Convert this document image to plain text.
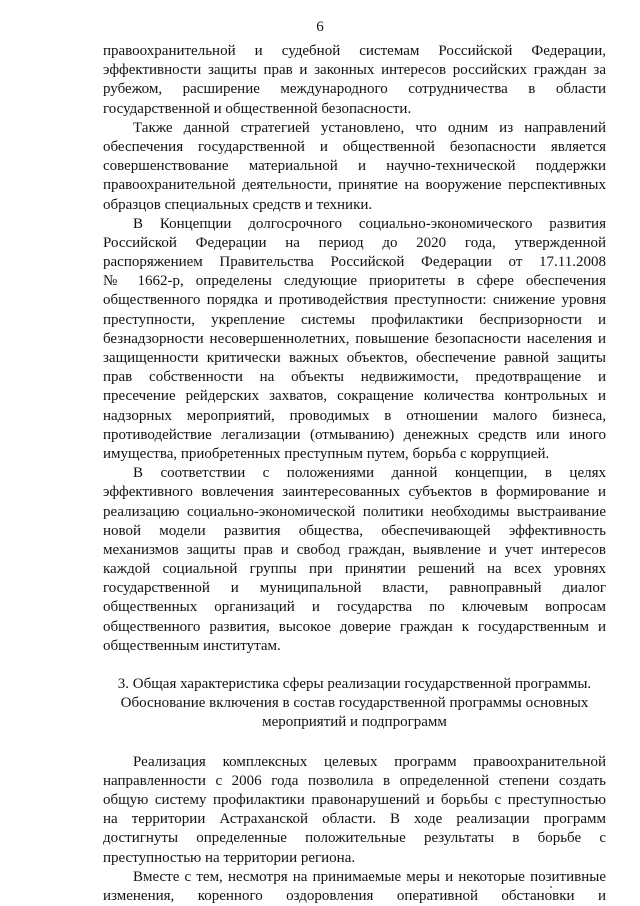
6
правоохранительной и судебной системам Российской Федерации,
эффективности защиты прав и законных интересов российских граждан за
рубежом, расширение международного сотрудничества в области
государственной и общественной безопасности.
Также данной стратегией установлено, что одним из направлений
обеспечения государственной и общественной безопасности является
совершенствование материальной и научно-технической поддержки
правоохранительной деятельности, принятие на вооружение перспективных
образцов специальных средств и техники.
В Концепции долгосрочного социально-экономического развития
Российской Федерации на период до 2020 года, утвержденной
распоряжением Правительства Российской Федерации от 17.11.2008
№ 1662-р, определены следующие приоритеты в сфере обеспечения
общественного порядка и противодействия преступности: снижение уровня
преступности, укрепление системы профилактики беспризорности и
безнадзорности несовершеннолетних, повышение безопасности населения и
защищенности критически важных объектов, обеспечение равной защиты
прав собственности на объекты недвижимости, предотвращение и
пресечение рейдерских захватов, сокращение количества контрольных и
надзорных мероприятий, проводимых в отношении малого бизнеса,
противодействие легализации (отмыванию) денежных средств или иного
имущества, приобретенных преступным путем, борьба с коррупцией.
В соответствии с положениями данной концепции, в целях
эффективного вовлечения заинтересованных субъектов в формирование и
реализацию социально-экономической политики необходимы выстраивание
новой модели развития общества, обеспечивающей эффективность
механизмов защиты прав и свобод граждан, выявление и учет интересов
каждой социальной группы при принятии решений на всех уровнях
государственной и муниципальной власти, равноправный диалог
общественных организаций и государства по ключевым вопросам
общественного развития, высокое доверие граждан к государственным и
общественным институтам.
3. Общая характеристика сферы реализации государственной программы.
Обоснование включения в состав государственной программы основных
мероприятий и подпрограмм
Реализация комплексных целевых программ правоохранительной
направленности с 2006 года позволила в определенной степени создать
общую систему профилактики правонарушений и борьбы с преступностью
на территории Астраханской области. В ходе реализации программ
достигнуты определенные положительные результаты в борьбе с
преступностью на территории региона.
Вместе с тем, несмотря на принимаемые меры и некоторые позитивные
изменения, коренного оздоровления оперативной обстановки и
